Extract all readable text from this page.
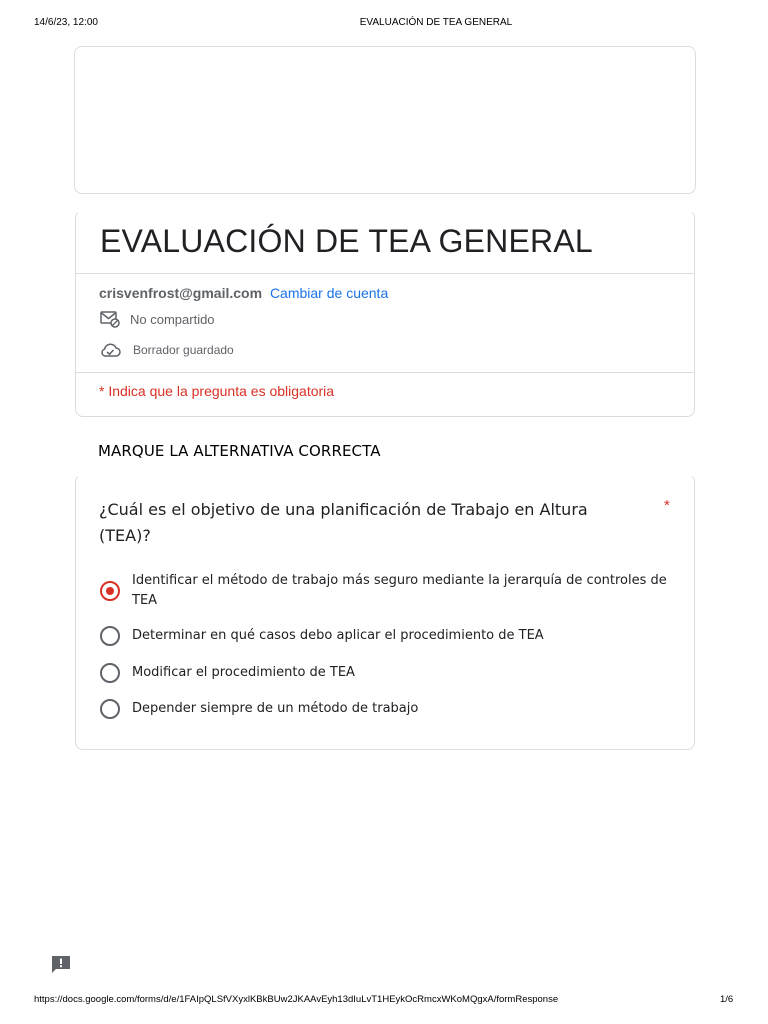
14/6/23, 12:00	EVALUACIÓN DE TEA GENERAL
EVALUACIÓN DE TEA GENERAL
crisvenfrost@gmail.com Cambiar de cuenta
No compartido
Borrador guardado
* Indica que la pregunta es obligatoria
MARQUE LA ALTERNATIVA CORRECTA
¿Cuál es el objetivo de una planificación de Trabajo en Altura (TEA)?
*
Identificar el método de trabajo más seguro mediante la jerarquía de controles de TEA
Determinar en qué casos debo aplicar el procedimiento de TEA
Modificar el procedimiento de TEA
Depender siempre de un método de trabajo
https://docs.google.com/forms/d/e/1FAIpQLSfVXyxlKBkBUw2JKAAvEyh13dIuLvT1HEykOcRmcxWKoMQgxA/formResponse	1/6
